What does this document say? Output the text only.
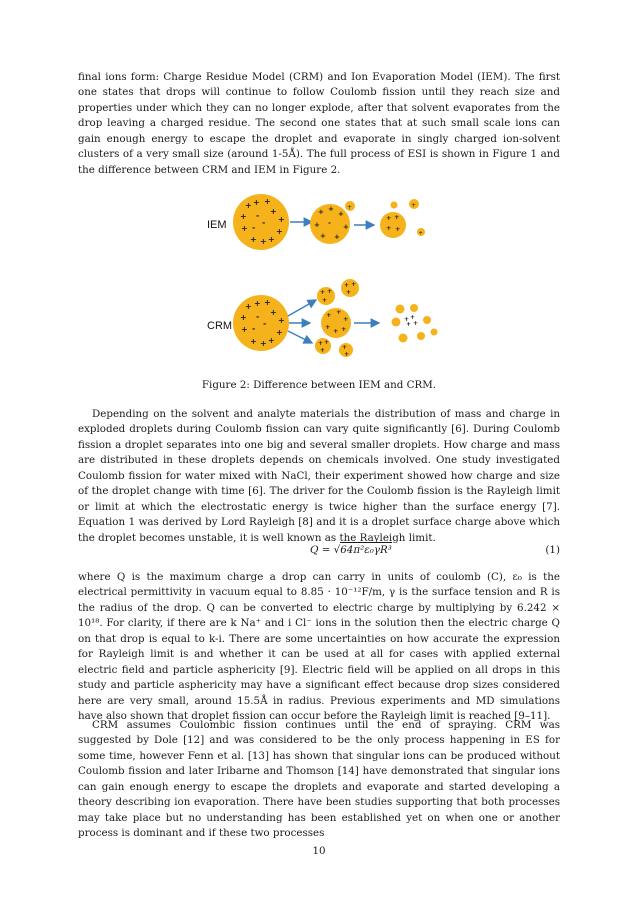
final ions form: Charge Residue Model (CRM) and Ion Evaporation Model (IEM). The first one states that drops will continue to follow Coulomb fission until they reach size and properties under which they can no longer explode, after that solvent evaporates from the drop leaving a charged residue. The second one states that at such small scale ions can gain enough energy to escape the droplet and evaporate in singly charged ion-solvent clusters of a very small size (around 1-5Å). The full process of ESI is shown in Figure 1 and the difference between CRM and IEM in Figure 2.

IEM
+ + +
+
+
+
+	+
+ + +
-
-
-
+ +
+
+	+
+ +
-
+
+ +
+ +
+
+
CRM
+ + +
+
+
+
+	+
+ + +
-
-
-
+ +
+
+ +
+
+ +
+
+ + +
+ +
+	+
+
+ +
+ +

Figure 2: Difference between IEM and CRM.

Depending on the solvent and analyte materials the distribution of mass and charge in exploded droplets during Coulomb fission can vary quite significantly [6]. During Coulomb fission a droplet separates into one big and several smaller droplets. How charge and mass are distributed in these droplets depends on chemicals involved. One study investigated Coulomb fission for water mixed with NaCl, their experiment showed how charge and size of the droplet change with time [6]. The driver for the Coulomb fission is the Rayleigh limit or limit at which the electrostatic energy is twice higher than the surface energy [7]. Equation 1 was derived by Lord Rayleigh [8] and it is a droplet surface charge above which the droplet becomes unstable, it is well known as the Rayleigh limit.

Q = √64π²ε₀γR³	(1)

where Q is the maximum charge a drop can carry in units of coulomb (C), ε₀ is the electrical permittivity in vacuum equal to 8.85 · 10⁻¹²F/m, γ is the surface tension and R is the radius of the drop. Q can be converted to electric charge by multiplying by 6.242 × 10¹⁸. For clarity, if there are k Na⁺ and i Cl⁻ ions in the solution then the electric charge Q on that drop is equal to k-i. There are some uncertainties on how accurate the expression for Rayleigh limit is and whether it can be used at all for cases with applied external electric field and particle asphericity [9]. Electric field will be applied on all drops in this study and particle asphericity may have a significant effect because drop sizes considered here are very small, around 15.5Å in radius. Previous experiments and MD simulations have also shown that droplet fission can occur before the Rayleigh limit is reached [9–11].

CRM assumes Coulombic fission continues until the end of spraying. CRM was suggested by Dole [12] and was considered to be the only process happening in ES for some time, however Fenn et al. [13] has shown that singular ions can be produced without Coulomb fission and later Iribarne and Thomson [14] have demonstrated that singular ions can gain enough energy to escape the droplets and evaporate and started developing a theory describing ion evaporation. There have been studies supporting that both processes may take place but no understanding has been established yet on when one or another process is dominant and if these two processes

10
